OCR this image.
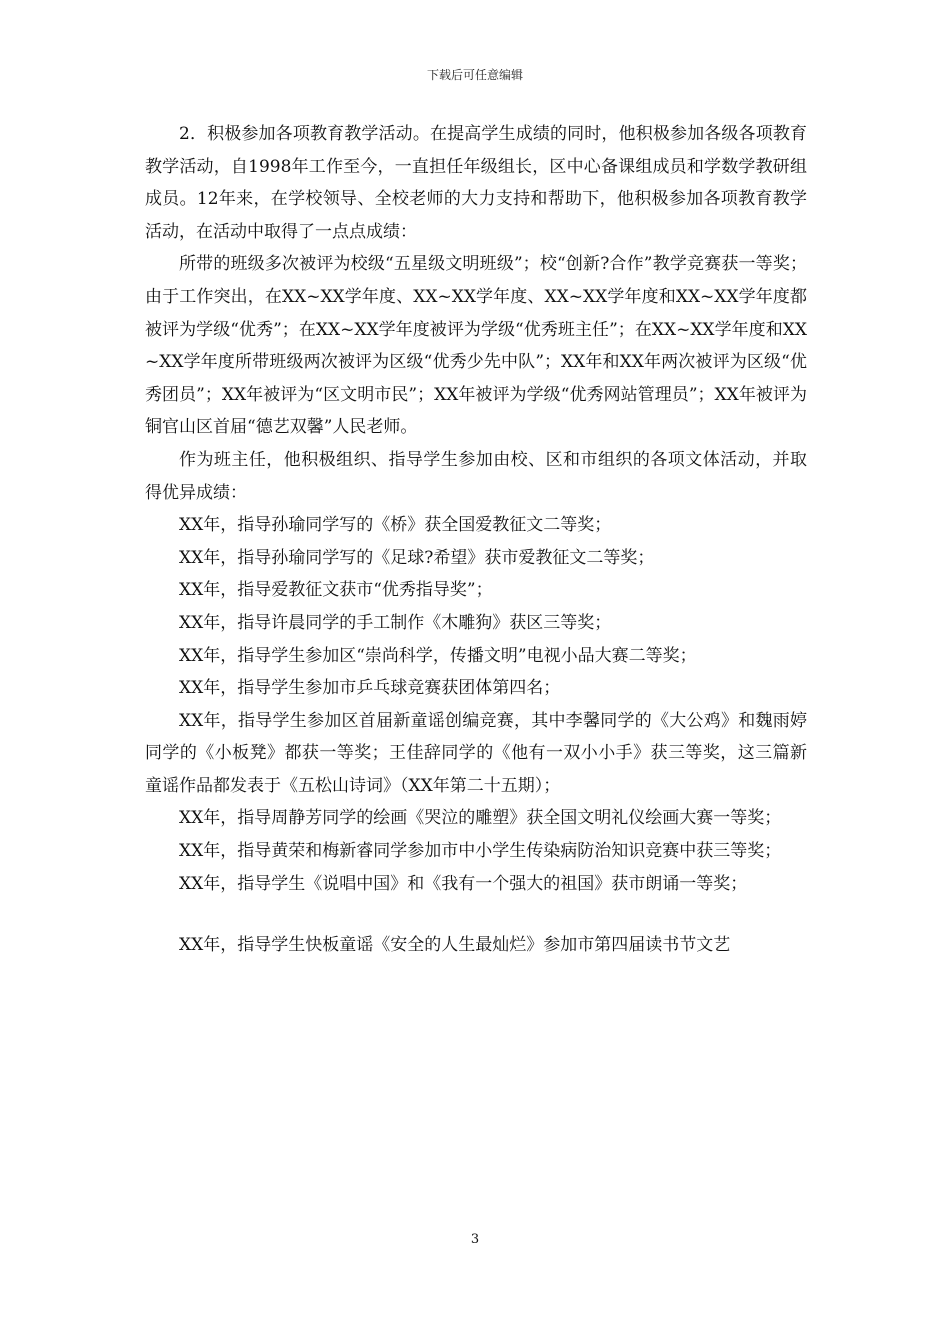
下载后可任意编辑

2．积极参加各项教育教学活动。在提高学生成绩的同时，他积极参加各级各项教育教学活动，自1998年工作至今，一直担任年级组长，区中心备课组成员和学数学教研组成员。12年来，在学校领导、全校老师的大力支持和帮助下，他积极参加各项教育教学活动，在活动中取得了一点点成绩：

所带的班级多次被评为校级“五星级文明班级”；校“创新?合作”教学竞赛获一等奖；由于工作突出，在XX~XX学年度、XX~XX学年度、XX~XX学年度和XX~XX学年度都被评为学级“优秀”；在XX~XX学年度被评为学级“优秀班主任”；在XX~XX学年度和XX~XX学年度所带班级两次被评为区级“优秀少先中队”；XX年和XX年两次被评为区级“优秀团员”；XX年被评为“区文明市民”；XX年被评为学级“优秀网站管理员”；XX年被评为铜官山区首届“德艺双馨”人民老师。

作为班主任，他积极组织、指导学生参加由校、区和市组织的各项文体活动，并取得优异成绩：

XX年，指导孙瑜同学写的《桥》获全国爱教征文二等奖；

XX年，指导孙瑜同学写的《足球?希望》获市爱教征文二等奖；

XX年，指导爱教征文获市“优秀指导奖”；

XX年，指导许晨同学的手工制作《木雕狗》获区三等奖；

XX年，指导学生参加区“崇尚科学，传播文明”电视小品大赛二等奖；

XX年，指导学生参加市乒乓球竞赛获团体第四名；

XX年，指导学生参加区首届新童谣创编竞赛，其中李馨同学的《大公鸡》和魏雨婷同学的《小板凳》都获一等奖；王佳辞同学的《他有一双小小手》获三等奖，这三篇新童谣作品都发表于《五松山诗词》（XX年第二十五期）；

XX年，指导周静芳同学的绘画《哭泣的雕塑》获全国文明礼仪绘画大赛一等奖；

XX年，指导黄荣和梅新睿同学参加市中小学生传染病防治知识竞赛中获三等奖；

XX年，指导学生《说唱中国》和《我有一个强大的祖国》获市朗诵一等奖；

XX年，指导学生快板童谣《安全的人生最灿烂》参加市第四届读书节文艺

3
